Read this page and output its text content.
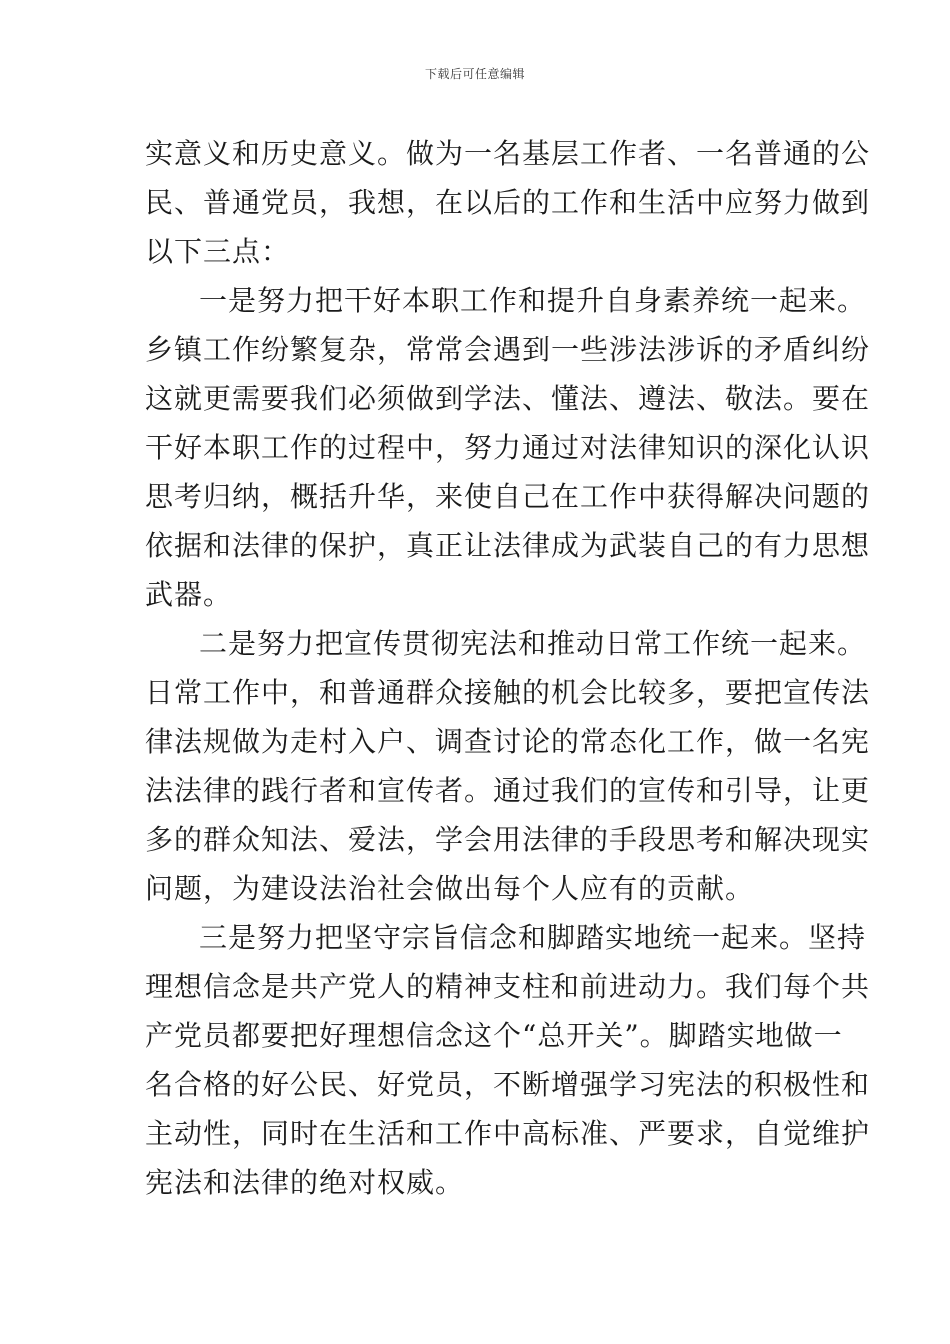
下载后可任意编辑
实意义和历史意义。做为一名基层工作者、一名普通的公
民、普通党员，我想，在以后的工作和生活中应努力做到
以下三点：
一是努力把干好本职工作和提升自身素养统一起来。
乡镇工作纷繁复杂，常常会遇到一些涉法涉诉的矛盾纠纷
这就更需要我们必须做到学法、懂法、遵法、敬法。要在
干好本职工作的过程中，努力通过对法律知识的深化认识
思考归纳，概括升华，来使自己在工作中获得解决问题的
依据和法律的保护，真正让法律成为武装自己的有力思想
武器。
二是努力把宣传贯彻宪法和推动日常工作统一起来。
日常工作中，和普通群众接触的机会比较多，要把宣传法
律法规做为走村入户、调查讨论的常态化工作，做一名宪
法法律的践行者和宣传者。通过我们的宣传和引导，让更
多的群众知法、爱法，学会用法律的手段思考和解决现实
问题，为建设法治社会做出每个人应有的贡献。
三是努力把坚守宗旨信念和脚踏实地统一起来。坚持
理想信念是共产党人的精神支柱和前进动力。我们每个共
产党员都要把好理想信念这个“总开关”。脚踏实地做一
名合格的好公民、好党员，不断增强学习宪法的积极性和
主动性，同时在生活和工作中高标准、严要求，自觉维护
宪法和法律的绝对权威。
